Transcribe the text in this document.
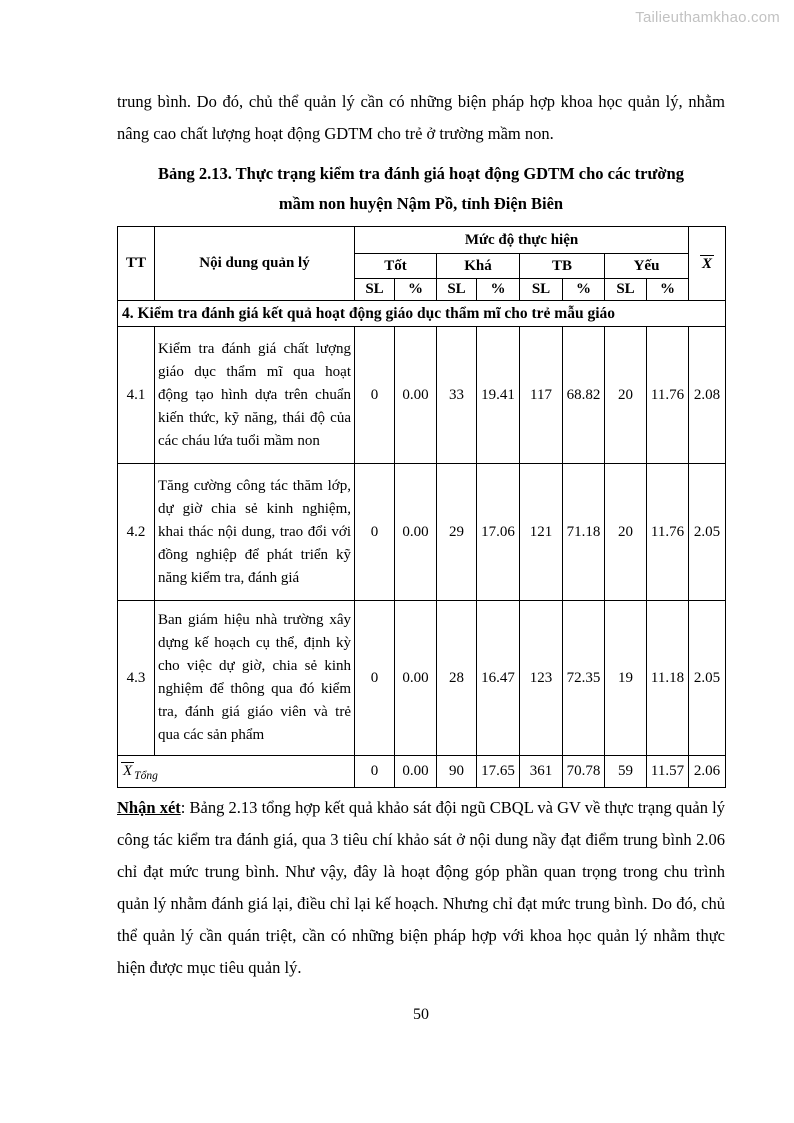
Tailieuthamkhao.com

trung bình. Do đó, chủ thể quản lý cần có những biện pháp hợp khoa học quản lý, nhằm nâng cao chất lượng hoạt động GDTM cho trẻ ở trường mầm non.

Bảng 2.13. Thực trạng kiểm tra đánh giá hoạt động GDTM cho các trường
mầm non huyện Nậm Pồ, tỉnh Điện Biên
TT	Nội dung quản lý	Mức độ thực hiện								X
		Tốt		Khá		TB		Yếu		
		SL	%	SL	%	SL	%	SL	%	
4. Kiểm tra đánh giá kết quả hoạt động giáo dục thẩm mĩ cho trẻ mẫu giáo										
4.1	Kiểm tra đánh giá chất lượng giáo dục thẩm mĩ qua hoạt động tạo hình dựa trên chuẩn kiến thức, kỹ năng, thái độ của các cháu lứa tuổi mầm non	0	0.00	33	19.41	117	68.82	20	11.76	2.08
4.2	Tăng cường công tác thăm lớp, dự giờ chia sẻ kinh nghiệm, khai thác nội dung, trao đổi với đồng nghiệp để phát triển kỹ năng kiểm tra, đánh giá	0	0.00	29	17.06	121	71.18	20	11.76	2.05
4.3	Ban giám hiệu nhà trường xây dựng kế hoạch cụ thể, định kỳ cho việc dự giờ, chia sẻ kinh nghiệm để thông qua đó kiểm tra, đánh giá giáo viên và trẻ qua các sản phẩm	0	0.00	28	16.47	123	72.35	19	11.18	2.05
X $_{Tổng}$		0	0.00	90	17.65	361	70.78	59	11.57	2.06

Nhận xét: Bảng 2.13 tổng hợp kết quả khảo sát đội ngũ CBQL và GV về thực trạng quản lý công tác kiểm tra đánh giá, qua 3 tiêu chí khảo sát ở nội dung nầy đạt điểm trung bình 2.06 chỉ đạt mức trung bình. Như vậy, đây là hoạt động góp phần quan trọng trong chu trình quản lý nhằm đánh giá lại, điều chỉ lại kế hoạch. Nhưng chỉ đạt mức trung bình. Do đó, chủ thể quản lý cần quán triệt, cần có những biện pháp hợp với khoa học quản lý nhằm thực hiện được mục tiêu quản lý.

50
